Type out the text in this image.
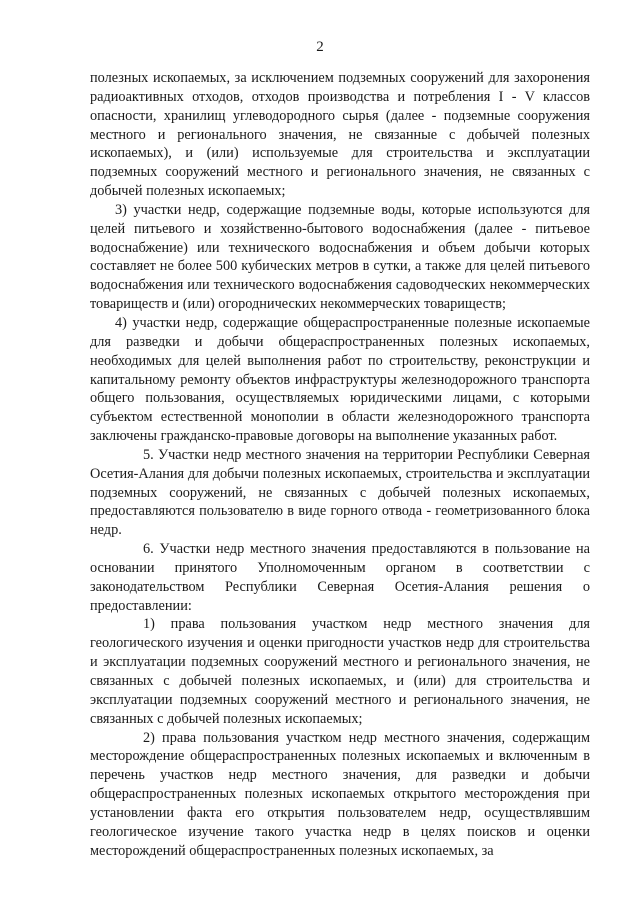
2

полезных ископаемых, за исключением подземных сооружений для захоронения радиоактивных отходов, отходов производства и потребления I - V классов опасности, хранилищ углеводородного сырья (далее - подземные сооружения местного и регионального значения, не связанные с добычей полезных ископаемых), и (или) используемые для строительства и эксплуатации подземных сооружений местного и регионального значения, не связанных с добычей полезных ископаемых;

3) участки недр, содержащие подземные воды, которые используются для целей питьевого и хозяйственно-бытового водоснабжения (далее - питьевое водоснабжение) или технического водоснабжения и объем добычи которых составляет не более 500 кубических метров в сутки, а также для целей питьевого водоснабжения или технического водоснабжения садоводческих некоммерческих товариществ и (или) огороднических некоммерческих товариществ;

4) участки недр, содержащие общераспространенные полезные ископаемые для разведки и добычи общераспространенных полезных ископаемых, необходимых для целей выполнения работ по строительству, реконструкции и капитальному ремонту объектов инфраструктуры железнодорожного транспорта общего пользования, осуществляемых юридическими лицами, с которыми субъектом естественной монополии в области железнодорожного транспорта заключены гражданско-правовые договоры на выполнение указанных работ.

5. Участки недр местного значения на территории Республики Северная Осетия-Алания для добычи полезных ископаемых, строительства и эксплуатации подземных сооружений, не связанных с добычей полезных ископаемых, предоставляются пользователю в виде горного отвода - геометризованного блока недр.

6. Участки недр местного значения предоставляются в пользование на основании принятого Уполномоченным органом в соответствии с законодательством Республики Северная Осетия-Алания решения о предоставлении:

1) права пользования участком недр местного значения для геологического изучения и оценки пригодности участков недр для строительства и эксплуатации подземных сооружений местного и регионального значения, не связанных с добычей полезных ископаемых, и (или) для строительства и эксплуатации подземных сооружений местного и регионального значения, не связанных с добычей полезных ископаемых;

2) права пользования участком недр местного значения, содержащим месторождение общераспространенных полезных ископаемых и включенным в перечень участков недр местного значения, для разведки и добычи общераспространенных полезных ископаемых открытого месторождения при установлении факта его открытия пользователем недр, осуществлявшим геологическое изучение такого участка недр в целях поисков и оценки месторождений общераспространенных полезных ископаемых, за
